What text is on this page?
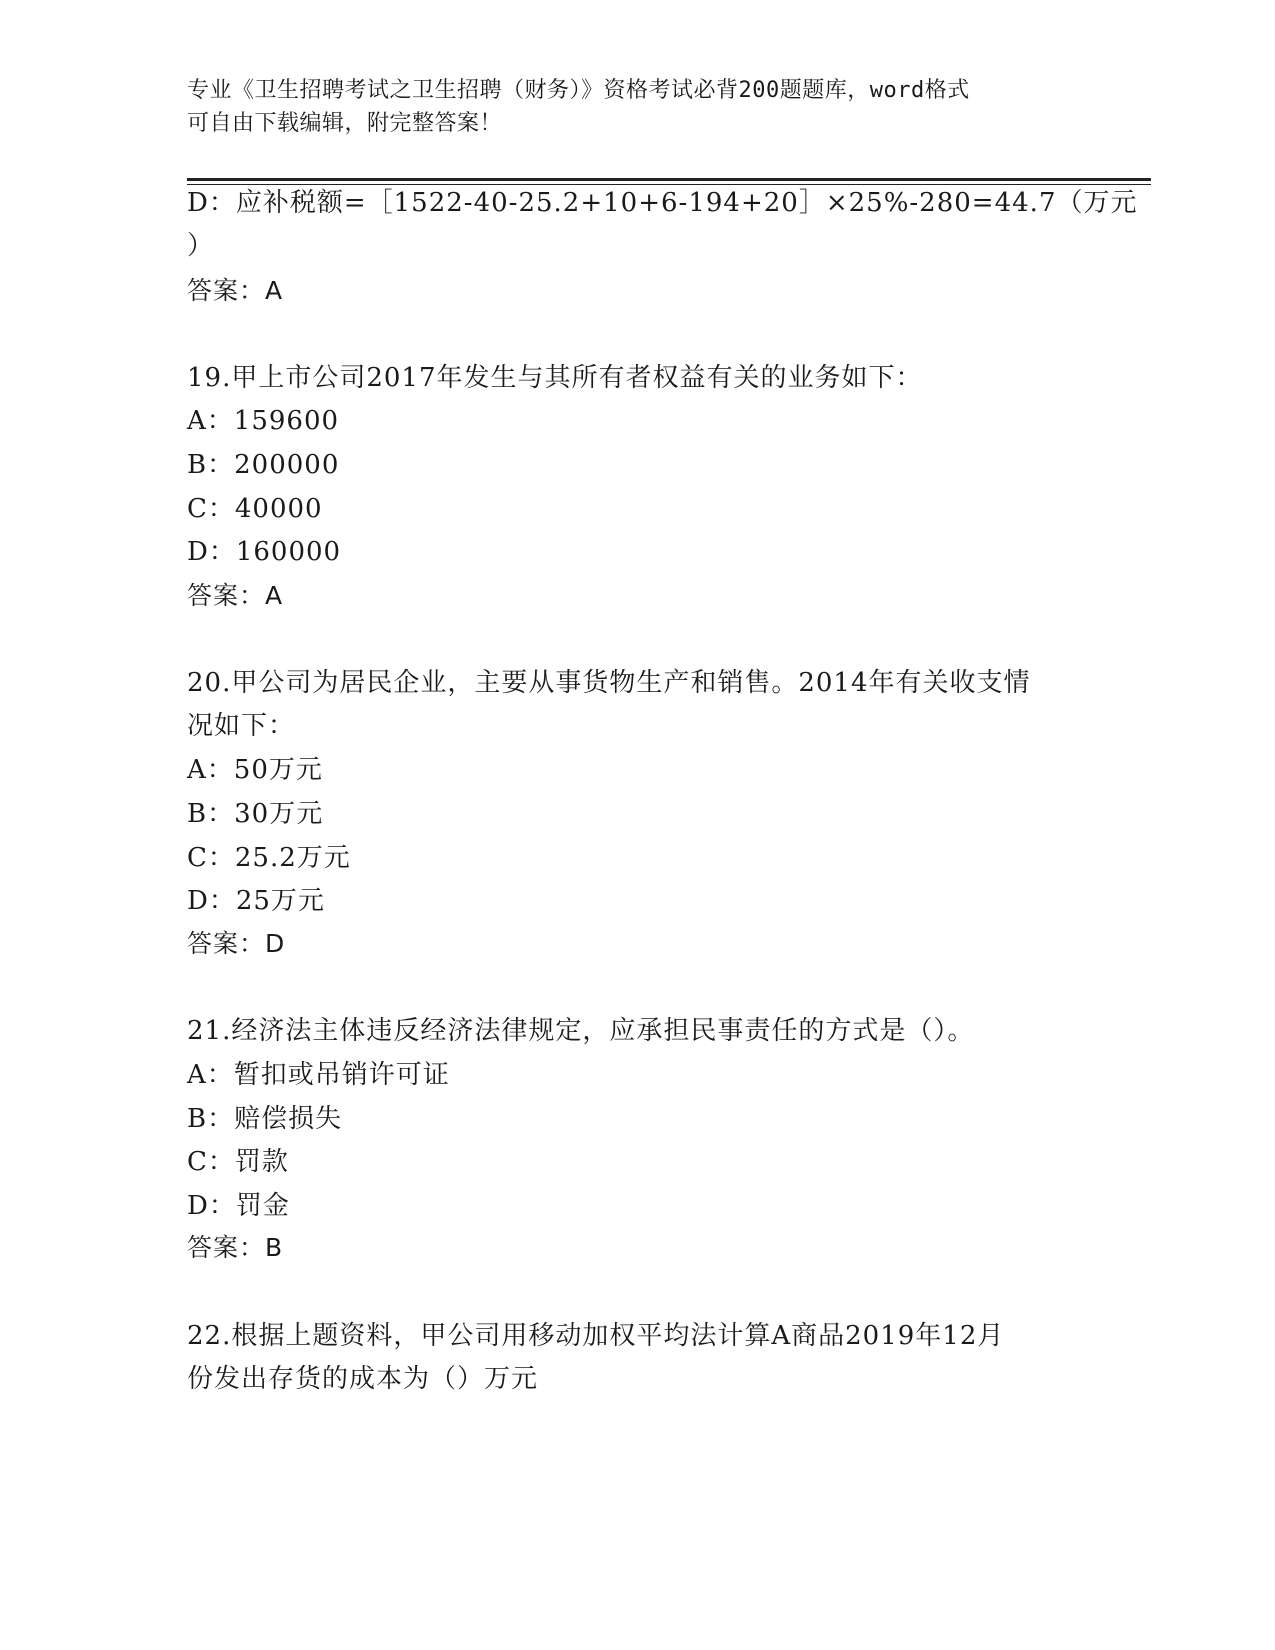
专业《卫生招聘考试之卫生招聘（财务）》资格考试必背200题题库，word格式
可自由下载编辑，附完整答案！
D：应补税额=［1522-40-25.2+10+6-194+20］×25%-280=44.7（万元
）
答案：A
19.甲上市公司2017年发生与其所有者权益有关的业务如下：
A：159600
B：200000
C：40000
D：160000
答案：A
20.甲公司为居民企业，主要从事货物生产和销售。2014年有关收支情
况如下：
A：50万元
B：30万元
C：25.2万元
D：25万元
答案：D
21.经济法主体违反经济法律规定，应承担民事责任的方式是（）。
A：暂扣或吊销许可证
B：赔偿损失
C：罚款
D：罚金
答案：B
22.根据上题资料，甲公司用移动加权平均法计算A商品2019年12月
份发出存货的成本为（）万元
